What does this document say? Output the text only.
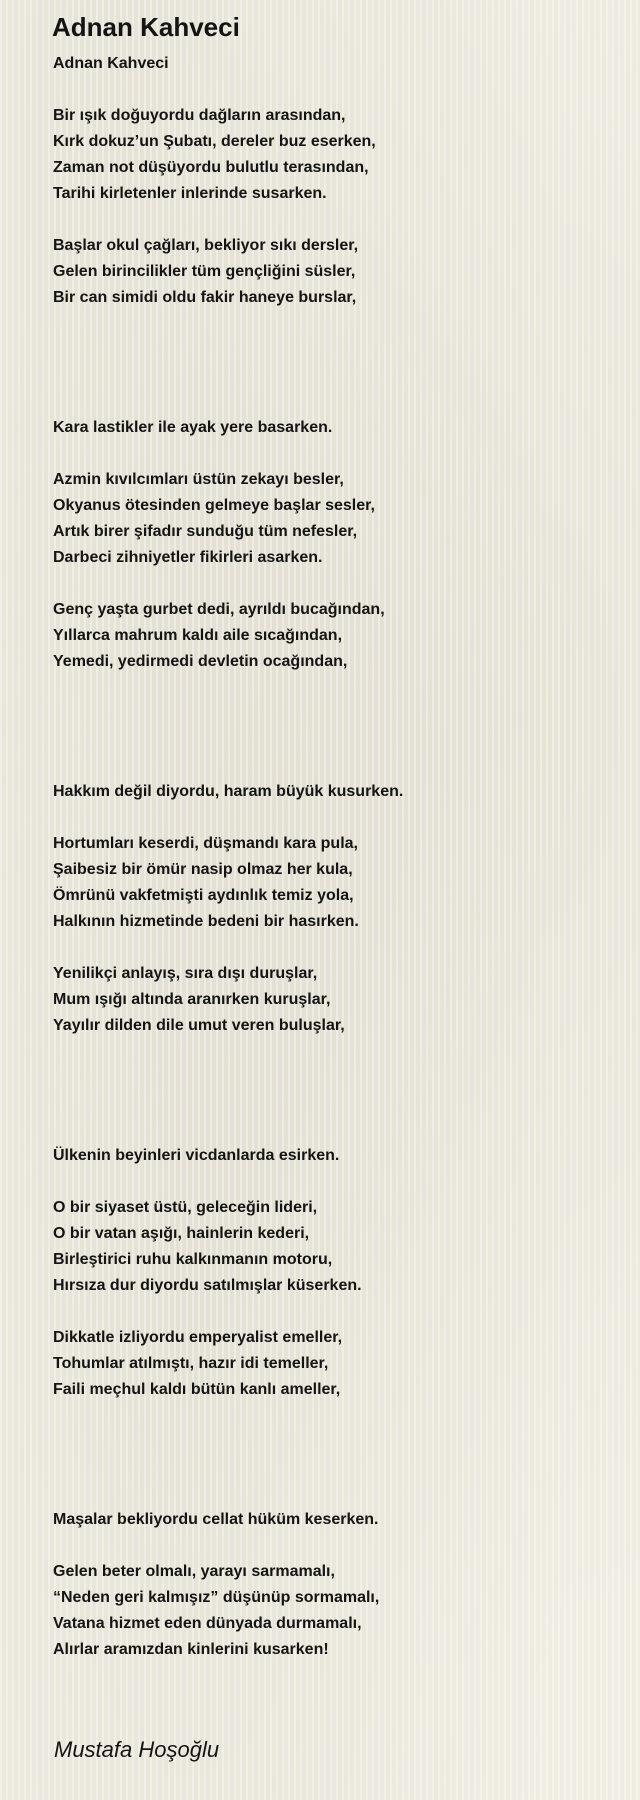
Adnan Kahveci
Adnan Kahveci
Bir ışık doğuyordu dağların arasından,
Kırk dokuz’un Şubatı, dereler buz eserken,
Zaman not düşüyordu bulutlu terasından,
Tarihi kirletenler inlerinde susarken.
Başlar okul çağları, bekliyor sıkı dersler,
Gelen birincilikler tüm gençliğini süsler,
Bir can simidi oldu fakir haneye burslar,
Kara lastikler ile ayak yere basarken.
Azmin kıvılcımları üstün zekayı besler,
Okyanus ötesinden gelmeye başlar sesler,
Artık birer şifadır sunduğu tüm nefesler,
Darbeci zihniyetler fikirleri asarken.
Genç yaşta gurbet dedi, ayrıldı bucağından,
Yıllarca mahrum kaldı aile sıcağından,
Yemedi, yedirmedi devletin ocağından,
Hakkım değil diyordu, haram büyük kusurken.
Hortumları keserdi, düşmandı kara pula,
Şaibesiz bir ömür nasip olmaz her kula,
Ömrünü vakfetmişti aydınlık temiz yola,
Halkının hizmetinde bedeni bir hasırken.
Yenilikçi anlayış, sıra dışı duruşlar,
Mum ışığı altında aranırken kuruşlar,
Yayılır dilden dile umut veren buluşlar,
Ülkenin beyinleri vicdanlarda esirken.
O bir siyaset üstü, geleceğin lideri,
O bir vatan aşığı, hainlerin kederi,
Birleştirici ruhu kalkınmanın motoru,
Hırsıza dur diyordu satılmışlar küserken.
Dikkatle izliyordu emperyalist emeller,
Tohumlar atılmıştı, hazır idi temeller,
Faili meçhul kaldı bütün kanlı ameller,
Maşalar bekliyordu cellat hüküm keserken.
Gelen beter olmalı, yarayı sarmamalı,
“Neden geri kalmışız” düşünüp sormamalı,
Vatana hizmet eden dünyada durmamalı,
Alırlar aramızdan kinlerini kusarken!

Mustafa Hoşoğlu
